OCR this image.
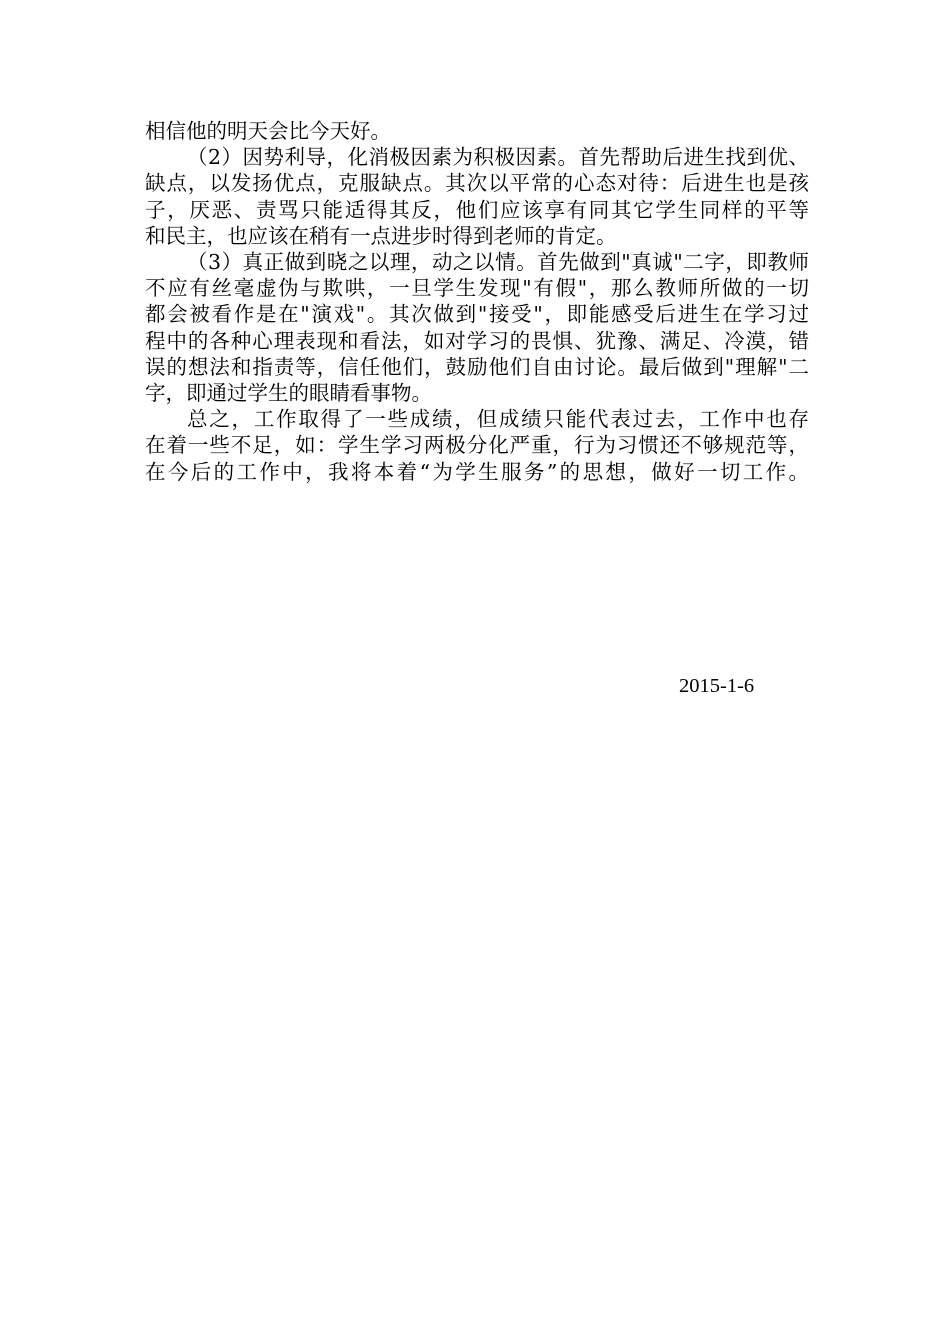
相信他的明天会比今天好。
（2）因势利导，化消极因素为积极因素。首先帮助后进生找到优、
缺点，以发扬优点，克服缺点。其次以平常的心态对待：后进生也是孩
子，厌恶、责骂只能适得其反，他们应该享有同其它学生同样的平等
和民主，也应该在稍有一点进步时得到老师的肯定。
（3）真正做到晓之以理，动之以情。首先做到"真诚"二字，即教师
不应有丝毫虚伪与欺哄，一旦学生发现"有假"，那么教师所做的一切
都会被看作是在"演戏"。其次做到"接受"，即能感受后进生在学习过
程中的各种心理表现和看法，如对学习的畏惧、犹豫、满足、冷漠，错
误的想法和指责等，信任他们，鼓励他们自由讨论。最后做到"理解"二
字，即通过学生的眼睛看事物。
总之，工作取得了一些成绩，但成绩只能代表过去，工作中也存
在着一些不足，如：学生学习两极分化严重，行为习惯还不够规范等，
在今后的工作中，我将本着“为学生服务”的思想，做好一切工作。
2015-1-6
